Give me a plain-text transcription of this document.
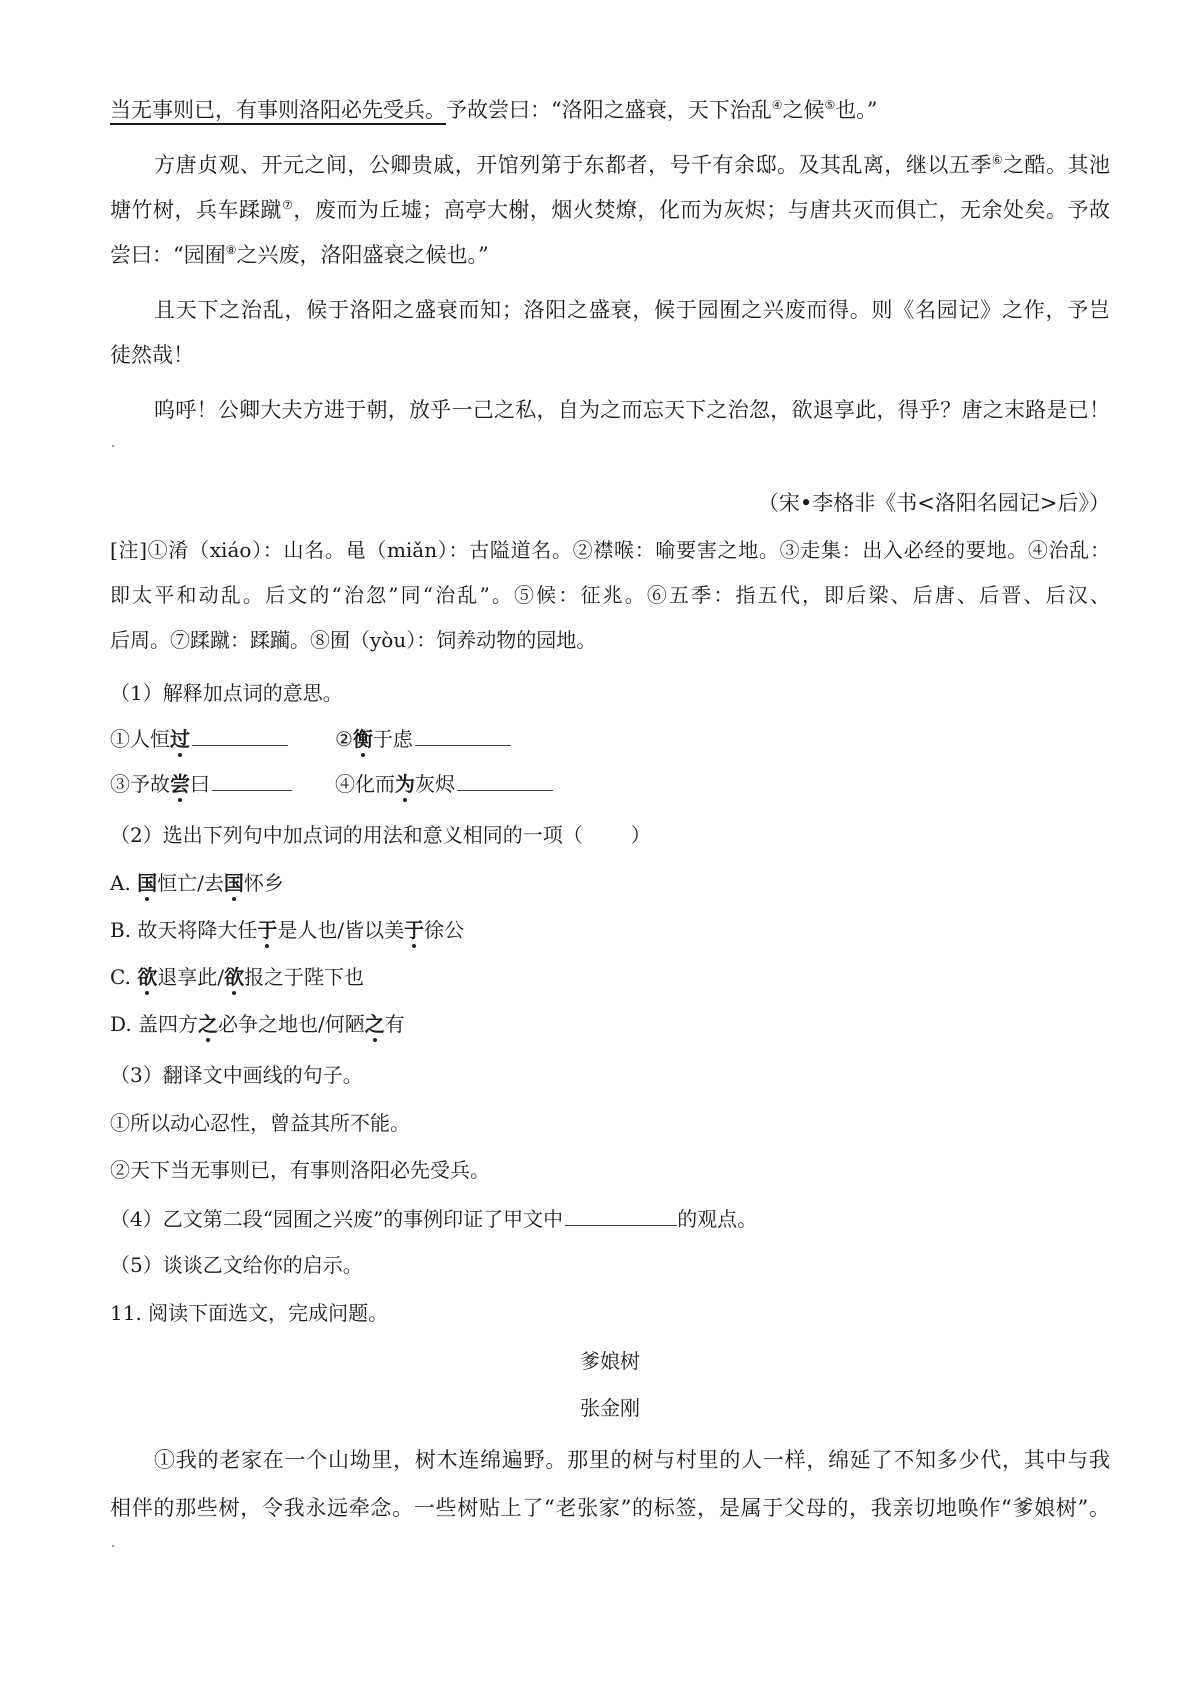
当无事则已，有事则洛阳必先受兵。予故尝曰：“洛阳之盛衰，天下治乱④之候⑤也。”
方唐贞观、开元之间，公卿贵戚，开馆列第于东都者，号千有余邸。及其乱离，继以五季⑥之酷。其池
塘竹树，兵车蹂蹴⑦，废而为丘墟；高亭大榭，烟火焚燎，化而为灰烬；与唐共灭而俱亡，无余处矣。予故
尝曰：“园囿⑧之兴废，洛阳盛衰之候也。”
且天下之治乱，候于洛阳之盛衰而知；洛阳之盛衰，候于园囿之兴废而得。则《名园记》之作，予岂
徒然哉！
呜呼！公卿大夫方进于朝，放乎一己之私，自为之而忘天下之治忽，欲退享此，得乎？唐之末路是已！
（宋•李格非《书<洛阳名园记>后》）
[注]①淆（xiáo）：山名。黾（miǎn）：古隘道名。②襟喉：喻要害之地。③走集：出入必经的要地。④治乱：
即太平和动乱。后文的“治忽”同“治乱”。⑤候：征兆。⑥五季：指五代，即后梁、后唐、后晋、后汉、
后周。⑦蹂蹴：蹂躏。⑧囿（yòu）：饲养动物的园地。
（1）解释加点词的意思。
①人恒过	②衡于虑
③予故尝曰	④化而为灰烬
（2）选出下列句中加点词的用法和意义相同的一项（ ）
A. 国恒亡/去国怀乡
B. 故天将降大任于是人也/皆以美于徐公
C. 欲退享此/欲报之于陛下也
D. 盖四方之必争之地也/何陋之有
（3）翻译文中画线的句子。
①所以动心忍性，曾益其所不能。
②天下当无事则已，有事则洛阳必先受兵。
（4）乙文第二段“园囿之兴废”的事例印证了甲文中	的观点。
（5）谈谈乙文给你的启示。
11. 阅读下面选文，完成问题。
爹娘树
张金刚
①我的老家在一个山坳里，树木连绵遍野。那里的树与村里的人一样，绵延了不知多少代，其中与我
相伴的那些树，令我永远牵念。一些树贴上了“老张家”的标签，是属于父母的，我亲切地唤作“爹娘树”。
